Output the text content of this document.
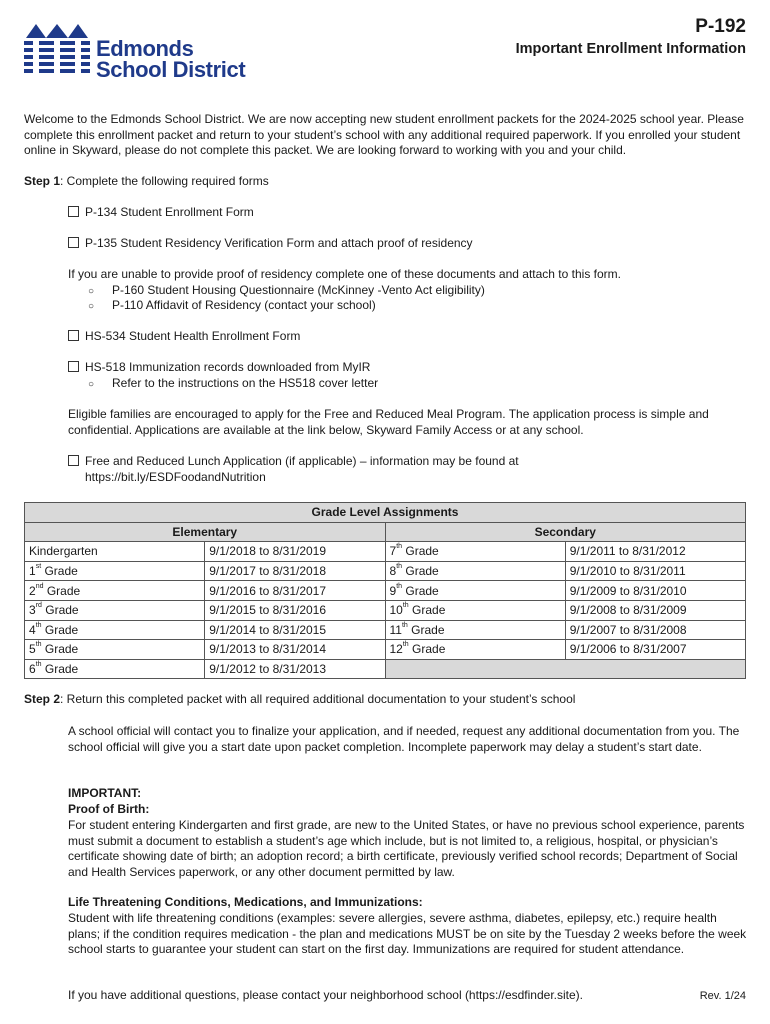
Edmonds
School District
P-192
Important Enrollment Information
Welcome to the Edmonds School District. We are now accepting new student enrollment packets for the 2024-2025 school year. Please complete this enrollment packet and return to your student’s school with any additional required paperwork. If you enrolled your student online in Skyward, please do not complete this packet. We are looking forward to working with you and your child.
Step 1: Complete the following required forms
P-134 Student Enrollment Form
P-135 Student Residency Verification Form and attach proof of residency
If you are unable to provide proof of residency complete one of these documents and attach to this form.
○ P-160 Student Housing Questionnaire (McKinney -Vento Act eligibility)
○ P-110 Affidavit of Residency (contact your school)
HS-534 Student Health Enrollment Form
HS-518 Immunization records downloaded from MyIR
○ Refer to the instructions on the HS518 cover letter
Eligible families are encouraged to apply for the Free and Reduced Meal Program. The application process is simple and confidential. Applications are available at the link below, Skyward Family Access or at any school.
Free and Reduced Lunch Application (if applicable) – information may be found at
https://bit.ly/ESDFoodandNutrition
Grade Level Assignments			
Elementary		Secondary	
Kindergarten	9/1/2018 to 8/31/2019	7th Grade	9/1/2011 to 8/31/2012
1st Grade	9/1/2017 to 8/31/2018	8th Grade	9/1/2010 to 8/31/2011
2nd Grade	9/1/2016 to 8/31/2017	9th Grade	9/1/2009 to 8/31/2010
3rd Grade	9/1/2015 to 8/31/2016	10th Grade	9/1/2008 to 8/31/2009
4th Grade	9/1/2014 to 8/31/2015	11th Grade	9/1/2007 to 8/31/2008
5th Grade	9/1/2013 to 8/31/2014	12th Grade	9/1/2006 to 8/31/2007
6th Grade	9/1/2012 to 8/31/2013		
Step 2: Return this completed packet with all required additional documentation to your student’s school
A school official will contact you to finalize your application, and if needed, request any additional documentation from you. The school official will give you a start date upon packet completion. Incomplete paperwork may delay a student’s start date.
IMPORTANT:
Proof of Birth:
For student entering Kindergarten and first grade, are new to the United States, or have no previous school experience, parents must submit a document to establish a student’s age which include, but is not limited to, a religious, hospital, or physician’s certificate showing date of birth; an adoption record; a birth certificate, previously verified school records; Department of Social and Health Services paperwork, or any other document permitted by law.
Life Threatening Conditions, Medications, and Immunizations:
Student with life threatening conditions (examples: severe allergies, severe asthma, diabetes, epilepsy, etc.) require health plans; if the condition requires medication - the plan and medications MUST be on site by the Tuesday 2 weeks before the week school starts to guarantee your student can start on the first day. Immunizations are required for student attendance.
If you have additional questions, please contact your neighborhood school (https://esdfinder.site).	Rev. 1/24
